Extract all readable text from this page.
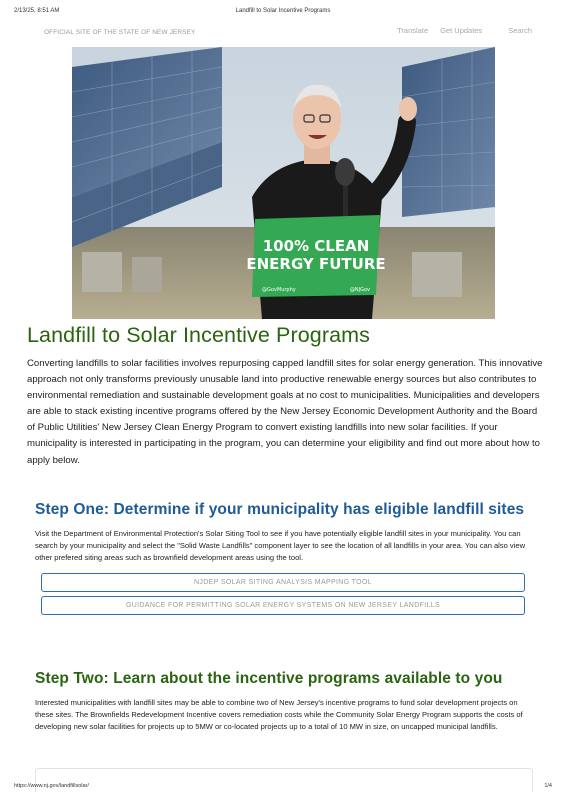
2/13/25, 8:51 AM	Landfill to Solar Incentive Programs
OFFICIAL SITE OF THE STATE OF NEW JERSEY	Translate Get Updates	Search
100% CLEAN
ENERGY FUTURE
@GovMurphy	@NJGov
Landfill to Solar Incentive Programs

Converting landfills to solar facilities involves repurposing capped landfill sites for solar energy generation. This innovative approach not only transforms previously unusable land into productive renewable energy sources but also contributes to environmental remediation and sustainable development goals at no cost to municipalities. Municipalities and developers are able to stack existing incentive programs offered by the New Jersey Economic Development Authority and the Board of Public Utilities' New Jersey Clean Energy Program to convert existing landfills into new solar facilities. If your municipality is interested in participating in the program, you can determine your eligibility and find out more about how to apply below.

Step One: Determine if your municipality has eligible landfill sites

Visit the Department of Environmental Protection's Solar Siting Tool to see if you have potentially eligible landfill sites in your municipality. You can search by your municipality and select the "Solid Waste Landfills" component layer to see the location of all landfills in your area. You can also view other prefered siting areas such as brownfield development areas using the tool.

NJDEP SOLAR SITING ANALYSIS MAPPING TOOL
GUIDANCE FOR PERMITTING SOLAR ENERGY SYSTEMS ON NEW JERSEY LANDFILLS
Step Two: Learn about the incentive programs available to you

Interested municipalities with landfill sites may be able to combine two of New Jersey's incentive programs to fund solar development projects on these sites. The Brownfields Redevelopment Incentive covers remediation costs while the Community Solar Energy Program supports the costs of developing new solar facilities for projects up to 5MW or co-located projects up to a total of 10 MW in size, on uncapped municipal landfills.

https://www.nj.gov/landfillsolar/	1/4
